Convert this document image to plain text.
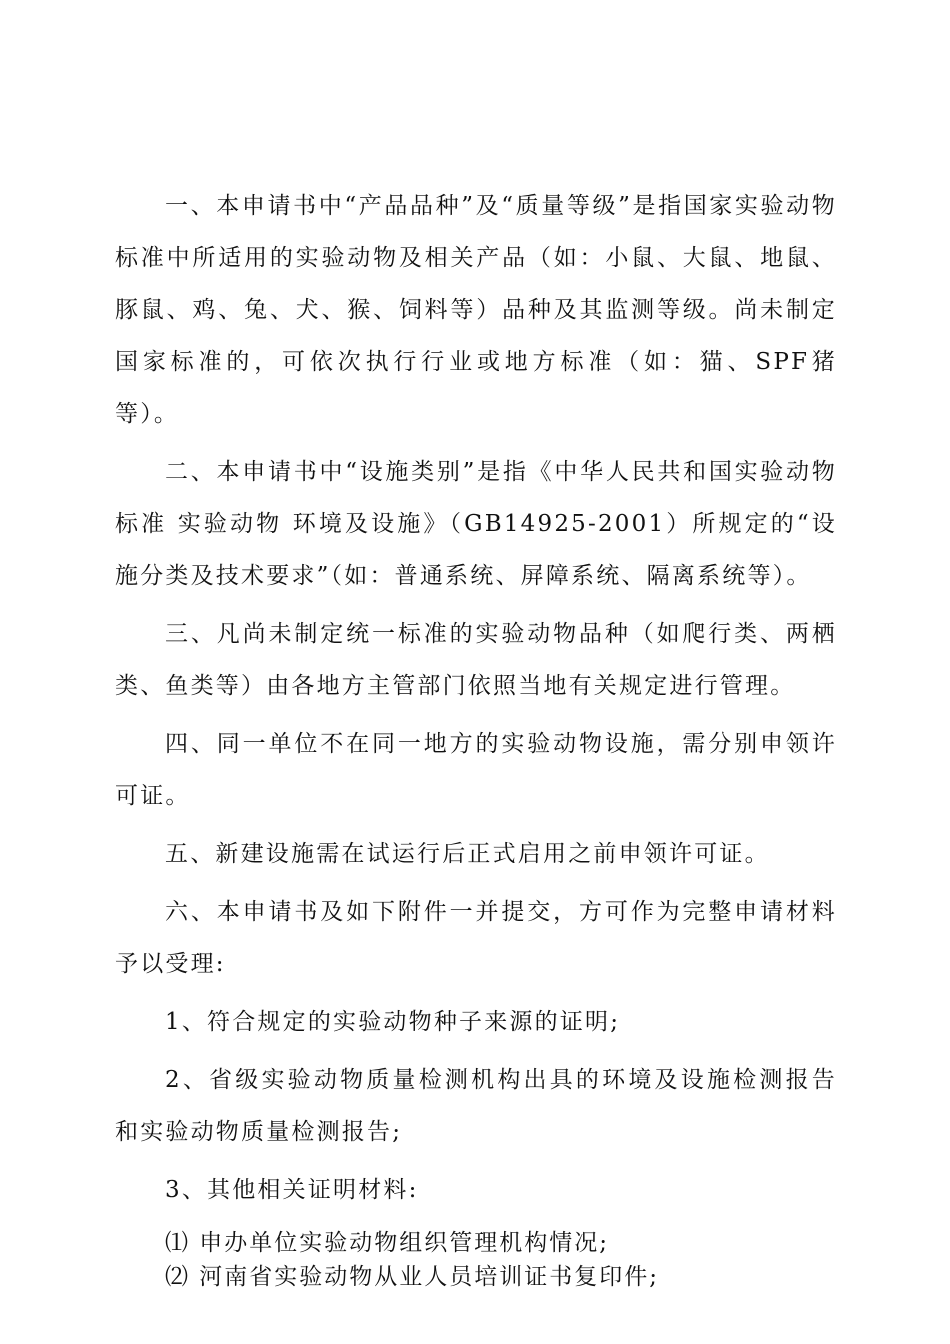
一、本申请书中“产品品种”及“质量等级”是指国家实验动物标准中所适用的实验动物及相关产品（如：小鼠、大鼠、地鼠、豚鼠、鸡、兔、犬、猴、饲料等）品种及其监测等级。尚未制定国家标准的，可依次执行行业或地方标准（如：猫、SPF猪等）。

二、本申请书中“设施类别”是指《中华人民共和国实验动物标准 实验动物 环境及设施》（GB14925-2001）所规定的“设施分类及技术要求”（如：普通系统、屏障系统、隔离系统等）。

三、凡尚未制定统一标准的实验动物品种（如爬行类、两栖类、鱼类等）由各地方主管部门依照当地有关规定进行管理。

四、同一单位不在同一地方的实验动物设施，需分别申领许可证。

五、新建设施需在试运行后正式启用之前申领许可证。

六、本申请书及如下附件一并提交，方可作为完整申请材料予以受理:

1、符合规定的实验动物种子来源的证明;

2、省级实验动物质量检测机构出具的环境及设施检测报告和实验动物质量检测报告;

3、其他相关证明材料:

⑴ 申办单位实验动物组织管理机构情况;

⑵ 河南省实验动物从业人员培训证书复印件;
